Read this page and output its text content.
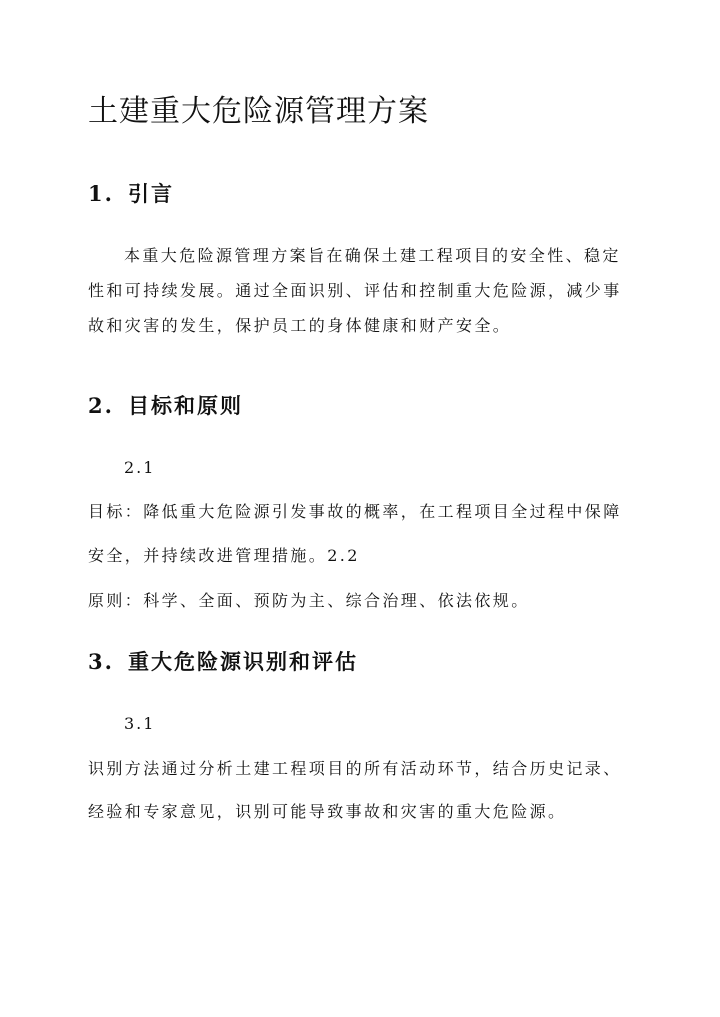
土建重大危险源管理方案
1. 引言

本重大危险源管理方案旨在确保土建工程项目的安全性、稳定性和可持续发展。通过全面识别、评估和控制重大危险源，减少事故和灾害的发生，保护员工的身体健康和财产安全。

2. 目标和原则

2.1

目标：降低重大危险源引发事故的概率，在工程项目全过程中保障

安全，并持续改进管理措施。2.2

原则：科学、全面、预防为主、综合治理、依法依规。

3. 重大危险源识别和评估

3.1

识别方法通过分析土建工程项目的所有活动环节，结合历史记录、

经验和专家意见，识别可能导致事故和灾害的重大危险源。
